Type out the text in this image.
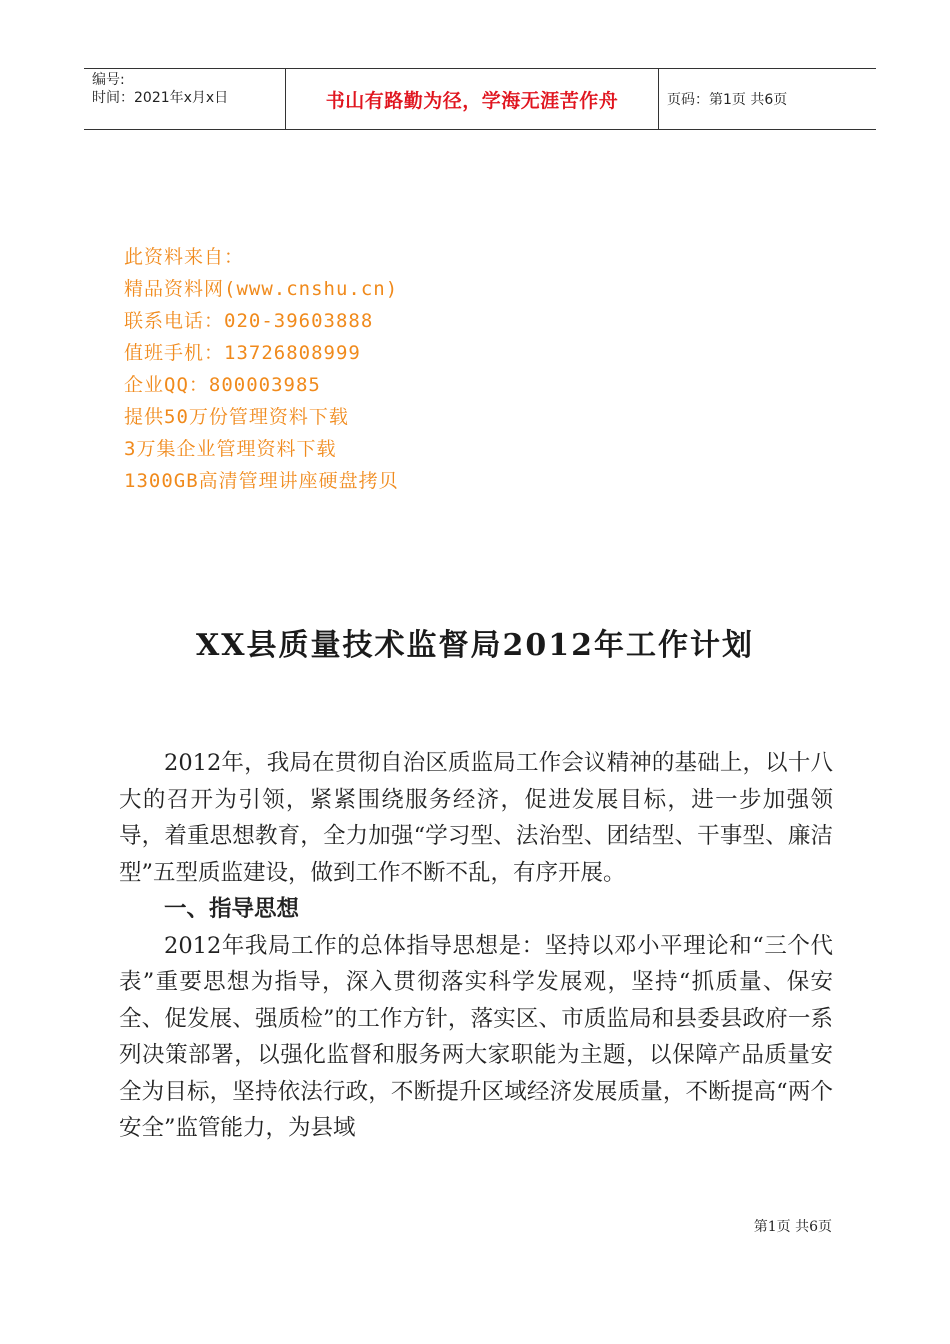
编号:
时间：2021年x月x日	书山有路勤为径，学海无涯苦作舟	页码：第1页 共6页
此资料来自：
精品资料网(www.cnshu.cn)
联系电话：020-39603888
值班手机：13726808999
企业QQ：800003985
提供50万份管理资料下载
3万集企业管理资料下载
1300GB高清管理讲座硬盘拷贝
XX县质量技术监督局2012年工作计划

2012年，我局在贯彻自治区质监局工作会议精神的基础上，以十八大的召开为引领，紧紧围绕服务经济，促进发展目标，进一步加强领导，着重思想教育，全力加强“学习型、法治型、团结型、干事型、廉洁型”五型质监建设，做到工作不断不乱，有序开展。

一、指导思想

2012年我局工作的总体指导思想是：坚持以邓小平理论和“三个代表”重要思想为指导，深入贯彻落实科学发展观，坚持“抓质量、保安全、促发展、强质检”的工作方针，落实区、市质监局和县委县政府一系列决策部署，以强化监督和服务两大家职能为主题，以保障产品质量安全为目标，坚持依法行政，不断提升区域经济发展质量，不断提高“两个安全”监管能力，为县域

第1页 共6页
